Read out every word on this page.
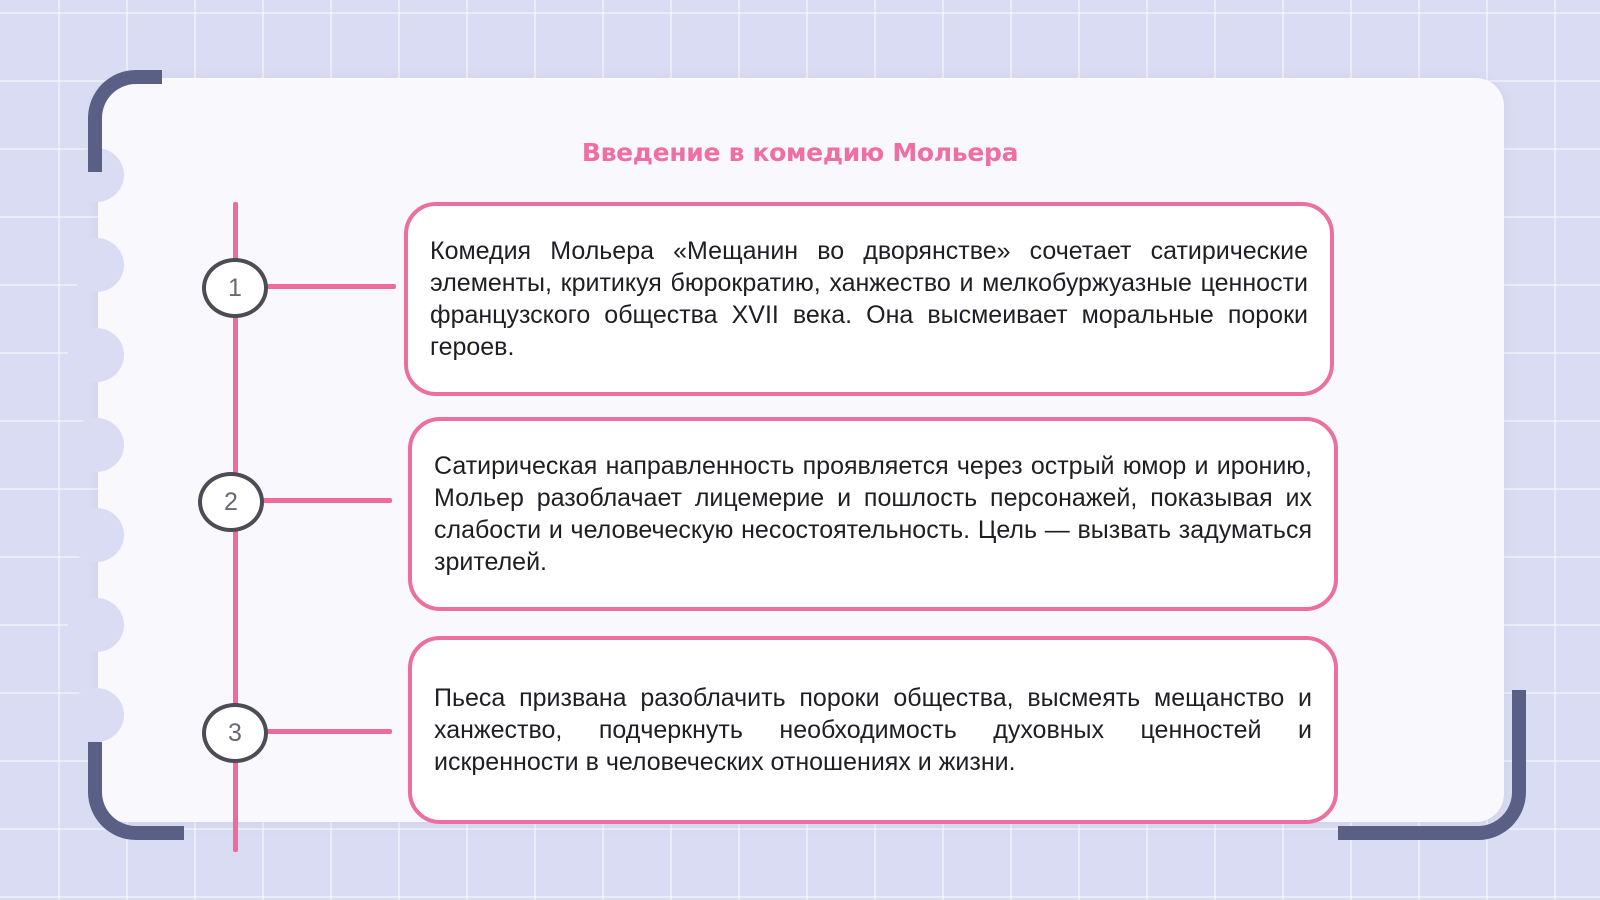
Введение в комедию Мольера
1
2
3

Комедия Мольера «Мещанин во дворянстве» сочетает сатирические элементы, критикуя бюрократию, ханжество и мелкобуржуазные ценности французского общества XVII века. Она высмеивает моральные пороки героев.

Сатирическая направленность проявляется через острый юмор и иронию, Мольер разоблачает лицемерие и пошлость персонажей, показывая их слабости и человеческую несостоятельность. Цель — вызвать задуматься зрителей.

Пьеса призвана разоблачить пороки общества, высмеять мещанство и ханжество, подчеркнуть необходимость духовных ценностей и искренности в человеческих отношениях и жизни.
